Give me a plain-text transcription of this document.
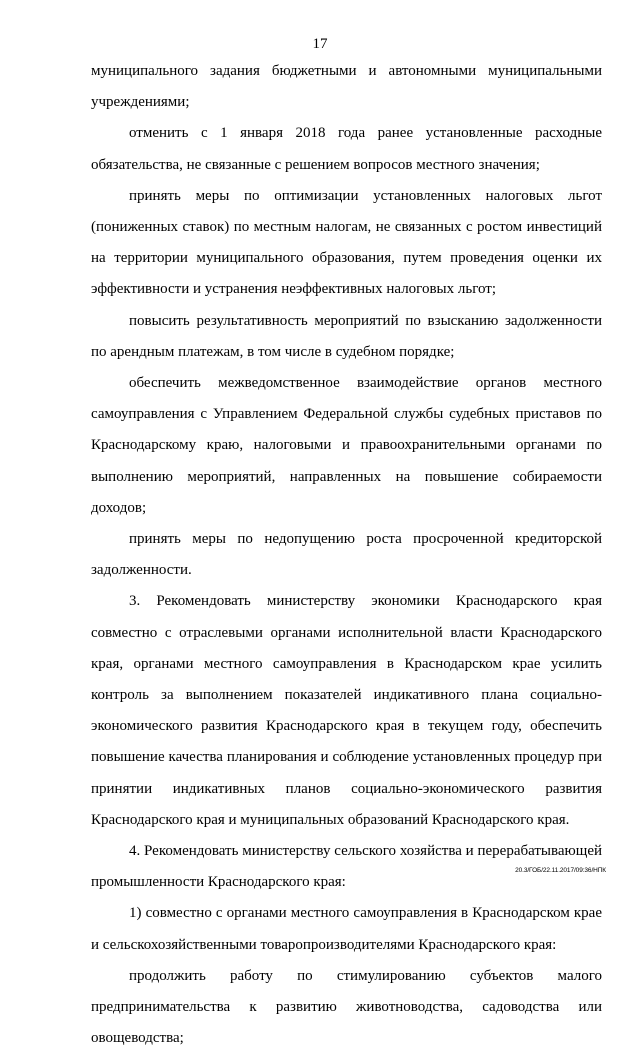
17

муниципального задания бюджетными и автономными муниципальными учреждениями;

отменить с 1 января 2018 года ранее установленные расходные обязательства, не связанные с решением вопросов местного значения;

принять меры по оптимизации установленных налоговых льгот (пониженных ставок) по местным налогам, не связанных с ростом инвестиций на территории муниципального образования, путем проведения оценки их эффективности и устранения неэффективных налоговых льгот;

повысить результативность мероприятий по взысканию задолженности по арендным платежам, в том числе в судебном порядке;

обеспечить межведомственное взаимодействие органов местного самоуправления с Управлением Федеральной службы судебных приставов по Краснодарскому краю, налоговыми и правоохранительными органами по выполнению мероприятий, направленных на повышение собираемости доходов;

принять меры по недопущению роста просроченной кредиторской задолженности.

3. Рекомендовать министерству экономики Краснодарского края совместно с отраслевыми органами исполнительной власти Краснодарского края, органами местного самоуправления в Краснодарском крае усилить контроль за выполнением показателей индикативного плана социально-экономического развития Краснодарского края в текущем году, обеспечить повышение качества планирования и соблюдение установленных процедур при принятии индикативных планов социально-экономического развития Краснодарского края и муниципальных образований Краснодарского края.

4. Рекомендовать министерству сельского хозяйства и перерабатывающей промышленности Краснодарского края:

1) совместно с органами местного самоуправления в Краснодарском крае и сельскохозяйственными товаропроизводителями Краснодарского края:

продолжить работу по стимулированию субъектов малого предпринимательства к развитию животноводства, садоводства или овощеводства;

20.3/ГОБ/22.11.2017/09:36/НПК
